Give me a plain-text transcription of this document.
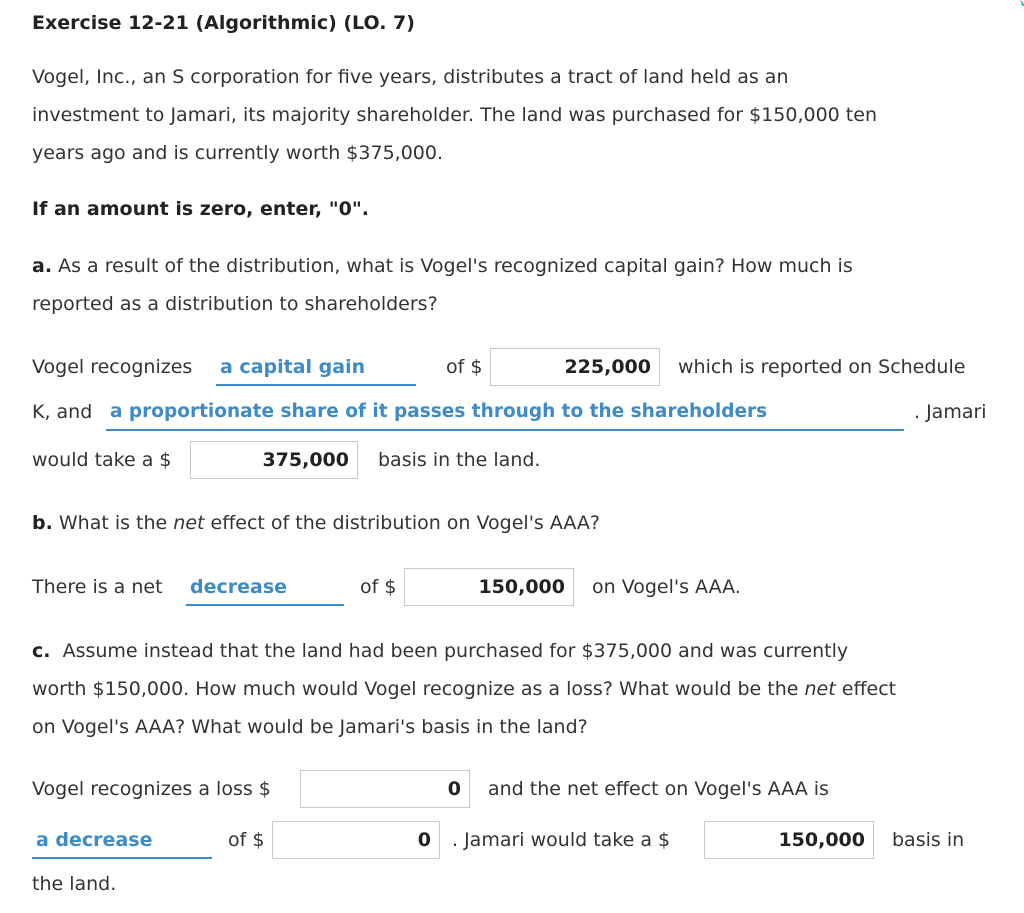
Exercise 12-21 (Algorithmic) (LO. 7)
Vogel, Inc., an S corporation for five years, distributes a tract of land held as an
investment to Jamari, its majority shareholder. The land was purchased for $150,000 ten
years ago and is currently worth $375,000.
If an amount is zero, enter, "0".
a. As a result of the distribution, what is Vogel's recognized capital gain? How much is
reported as a distribution to shareholders?
Vogel recognizes a capital gain	of $	225,000	which is reported on Schedule
K, and a proportionate share of it passes through to the shareholders	. Jamari
would take a $	375,000	basis in the land.
b. What is the net effect of the distribution on Vogel's AAA?
There is a net decrease	of $	150,000	on Vogel's AAA.
c. Assume instead that the land had been purchased for $375,000 and was currently
worth $150,000. How much would Vogel recognize as a loss? What would be the net effect
on Vogel's AAA? What would be Jamari's basis in the land?
Vogel recognizes a loss $	0	and the net effect on Vogel's AAA is
a decrease	of $	0	. Jamari would take a $	150,000	basis in
the land.
